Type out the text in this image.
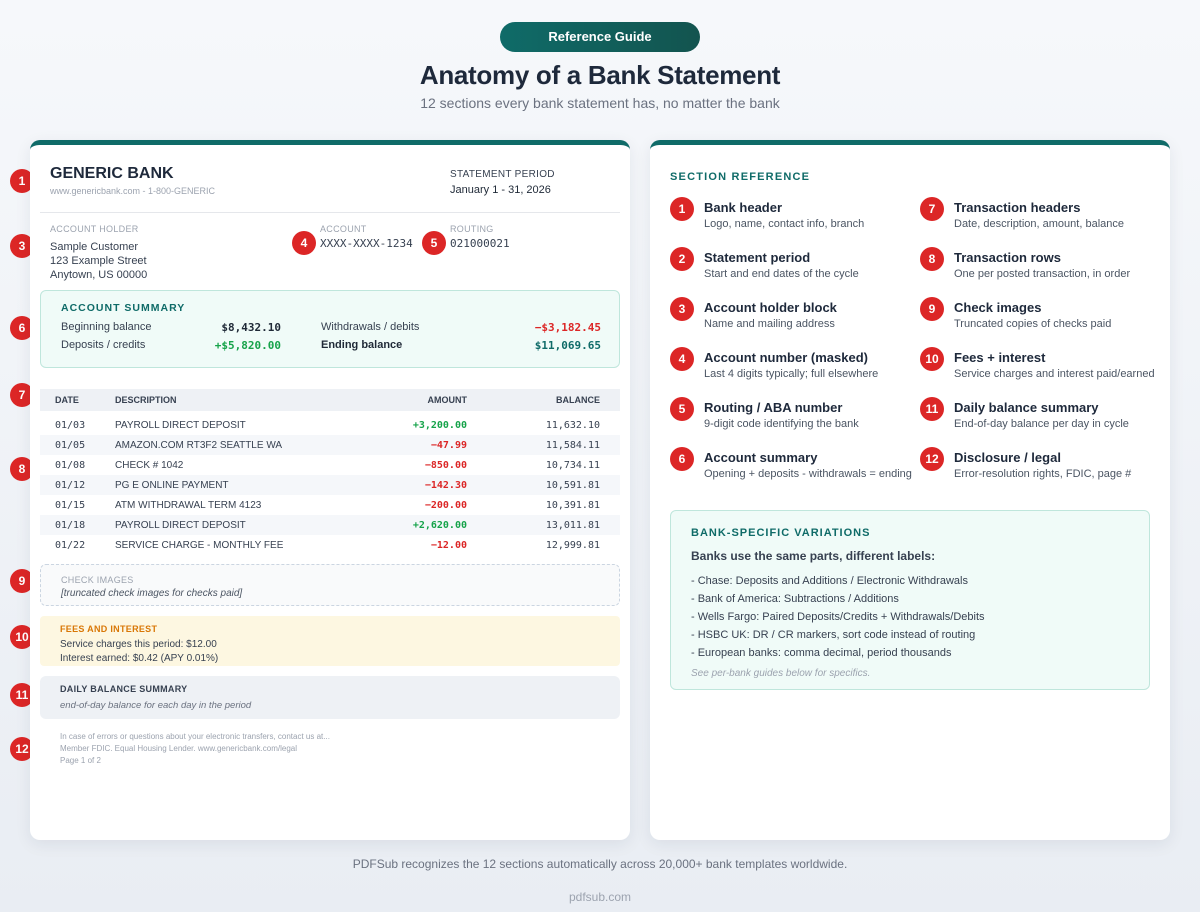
Reference Guide
Anatomy of a Bank Statement
12 sections every bank statement has, no matter the bank
1
3
6
7
8
9
10
11
12
GENERIC BANK
www.genericbank.com - 1-800-GENERIC
STATEMENT PERIOD
January 1 - 31, 2026
ACCOUNT HOLDER
Sample Customer
123 Example Street
Anytown, US 00000
4
ACCOUNT
XXXX-XXXX-1234	5
ROUTING
021000021
ACCOUNT SUMMARY
Beginning balance	$8,432.10
Deposits / credits	+$5,820.00
Withdrawals / debits	−$3,182.45
Ending balance	$11,069.65
DATE	DESCRIPTION	AMOUNT	BALANCE
01/03	PAYROLL DIRECT DEPOSIT	+3,200.00	11,632.10
01/05	AMAZON.COM RT3F2 SEATTLE WA	−47.99	11,584.11
01/08	CHECK # 1042	−850.00	10,734.11
01/12	PG E ONLINE PAYMENT	−142.30	10,591.81
01/15	ATM WITHDRAWAL TERM 4123	−200.00	10,391.81
01/18	PAYROLL DIRECT DEPOSIT	+2,620.00	13,011.81
01/22	SERVICE CHARGE - MONTHLY FEE	−12.00	12,999.81
CHECK IMAGES
[truncated check images for checks paid]
FEES AND INTEREST
Service charges this period: $12.00
Interest earned: $0.42 (APY 0.01%)
DAILY BALANCE SUMMARY
end-of-day balance for each day in the period
In case of errors or questions about your electronic transfers, contact us at...
Member FDIC. Equal Housing Lender. www.genericbank.com/legal
Page 1 of 2
SECTION REFERENCE
1	Bank header
Logo, name, contact info, branch
2	Statement period
Start and end dates of the cycle
3	Account holder block
Name and mailing address
4	Account number (masked)
Last 4 digits typically; full elsewhere
5	Routing / ABA number
9-digit code identifying the bank
6	Account summary
Opening + deposits - withdrawals = ending
7	Transaction headers
Date, description, amount, balance
8	Transaction rows
One per posted transaction, in order
9	Check images
Truncated copies of checks paid
10	Fees + interest
Service charges and interest paid/earned
11	Daily balance summary
End-of-day balance per day in cycle
12	Disclosure / legal
Error-resolution rights, FDIC, page #
BANK-SPECIFIC VARIATIONS
Banks use the same parts, different labels:
- Chase: Deposits and Additions / Electronic Withdrawals
- Bank of America: Subtractions / Additions
- Wells Fargo: Paired Deposits/Credits + Withdrawals/Debits
- HSBC UK: DR / CR markers, sort code instead of routing
- European banks: comma decimal, period thousands
See per-bank guides below for specifics.
PDFSub recognizes the 12 sections automatically across 20,000+ bank templates worldwide.
pdfsub.com
